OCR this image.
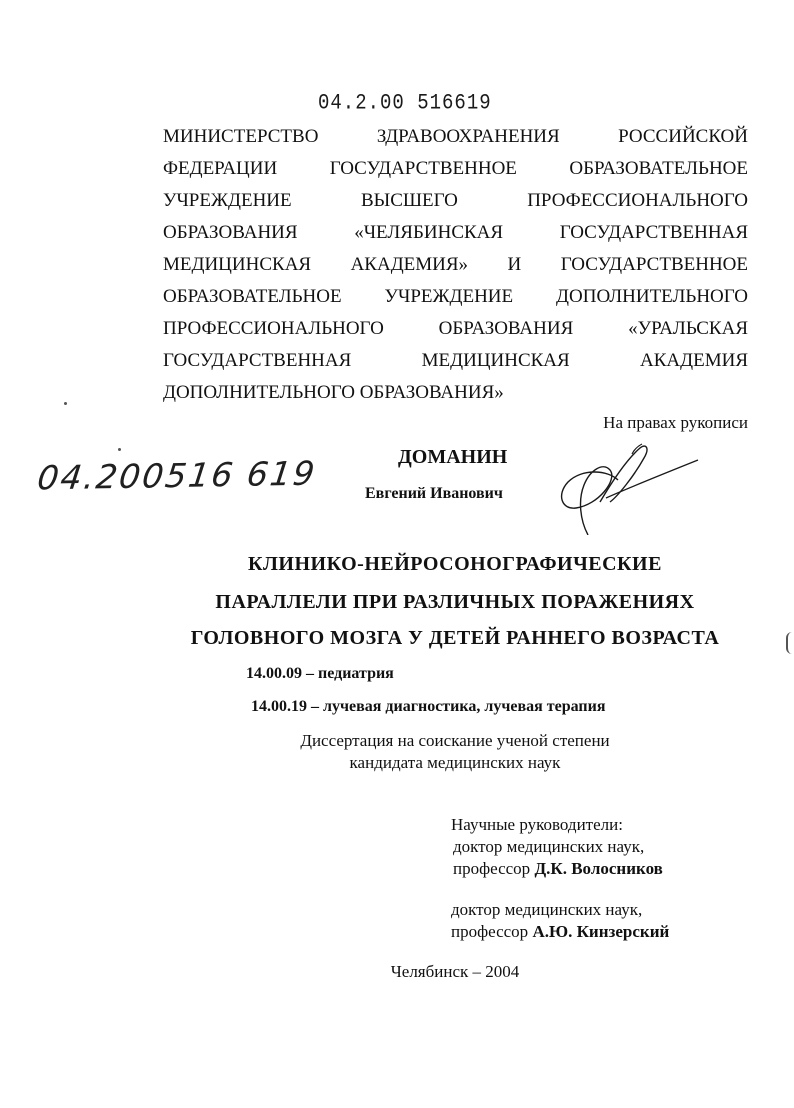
04.2.00 516619
МИНИСТЕРСТВО ЗДРАВООХРАНЕНИЯ РОССИЙСКОЙ
ФЕДЕРАЦИИ ГОСУДАРСТВЕННОЕ ОБРАЗОВАТЕЛЬНОЕ
УЧРЕЖДЕНИЕ ВЫСШЕГО ПРОФЕССИОНАЛЬНОГО
ОБРАЗОВАНИЯ «ЧЕЛЯБИНСКАЯ ГОСУДАРСТВЕННАЯ
МЕДИЦИНСКАЯ АКАДЕМИЯ» И ГОСУДАРСТВЕННОЕ
ОБРАЗОВАТЕЛЬНОЕ УЧРЕЖДЕНИЕ ДОПОЛНИТЕЛЬНОГО
ПРОФЕССИОНАЛЬНОГО ОБРАЗОВАНИЯ «УРАЛЬСКАЯ
ГОСУДАРСТВЕННАЯ МЕДИЦИНСКАЯ АКАДЕМИЯ
ДОПОЛНИТЕЛЬНОГО ОБРАЗОВАНИЯ»
На правах рукописи
04.200516 619	ДОМАНИН
Евгений Иванович
КЛИНИКО-НЕЙРОСОНОГРАФИЧЕСКИЕ
ПАРАЛЛЕЛИ ПРИ РАЗЛИЧНЫХ ПОРАЖЕНИЯХ
ГОЛОВНОГО МОЗГА У ДЕТЕЙ РАННЕГО ВОЗРАСТА
14.00.09 – педиатрия
14.00.19 – лучевая диагностика, лучевая терапия
Диссертация на соискание ученой степени
кандидата медицинских наук
Научные руководители:
доктор медицинских наук,
профессор Д.К. Волосников
доктор медицинских наук,
профессор А.Ю. Кинзерский
Челябинск – 2004
